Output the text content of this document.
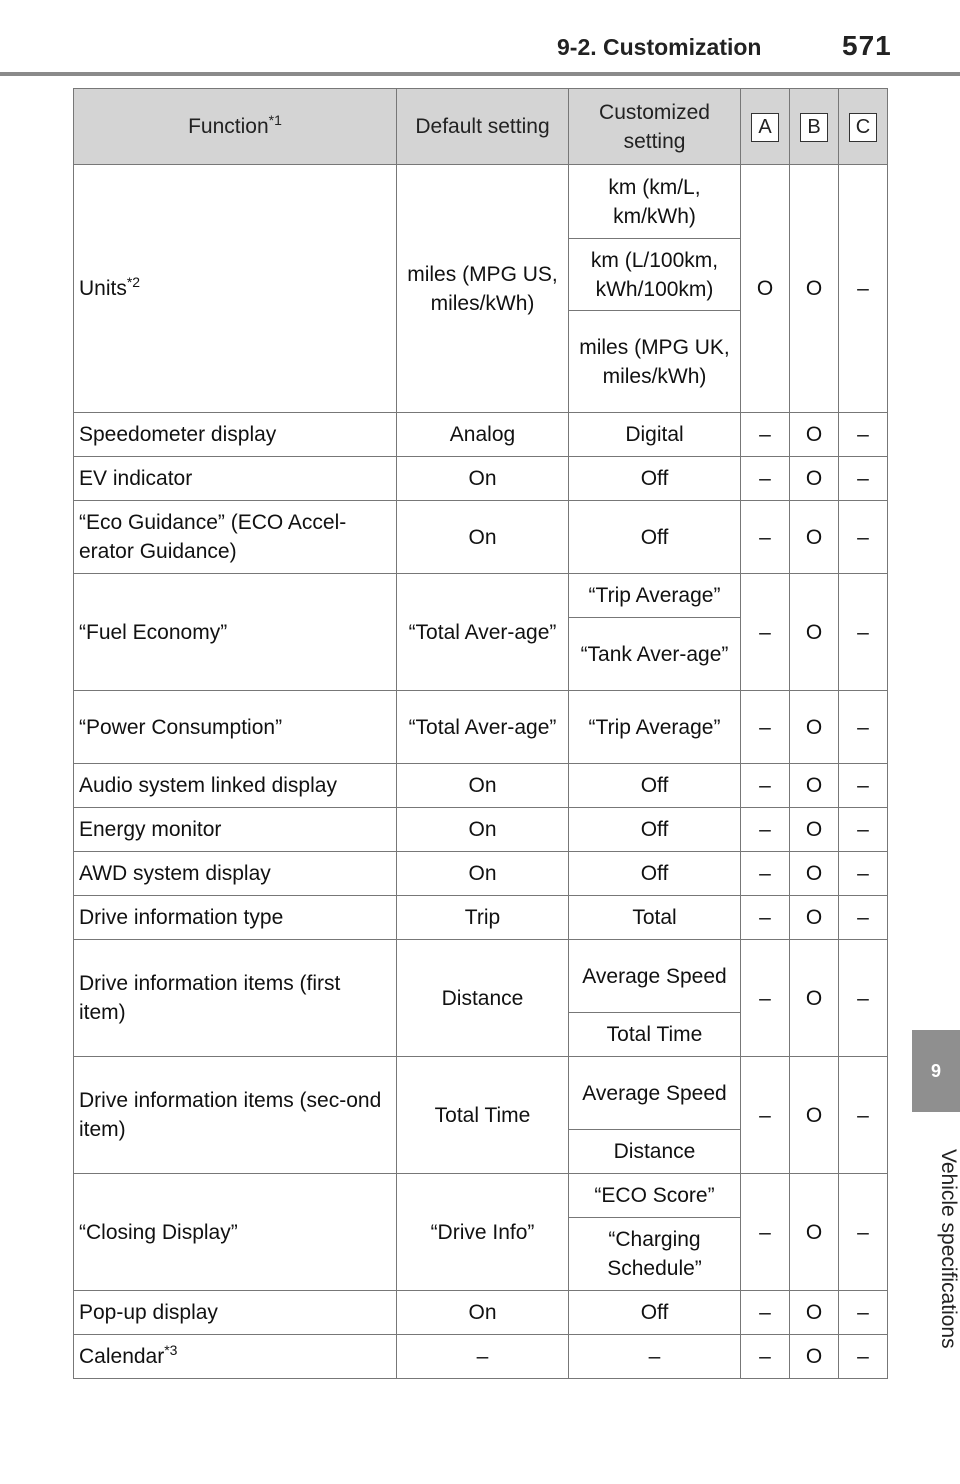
9-2. Customization	571
9
Vehicle specifications
Function$^{*1}$	Default setting	Customized setting	A	B	C
Units$^{*2}$	miles (MPG US, miles/kWh)	km (km/L, km/kWh)	O	O	–
		km (L/100km, kWh/100km)			
		miles (MPG UK, miles/kWh)			
Speedometer display	Analog	Digital	–	O	–
EV indicator	On	Off	–	O	–
“Eco Guidance” (ECO Accel-erator Guidance)	On	Off	–	O	–
“Fuel Economy”	“Total Aver-age”	“Trip Average”	–	O	–
		“Tank Aver-age”			
“Power Consumption”	“Total Aver-age”	“Trip Average”	–	O	–
Audio system linked display	On	Off	–	O	–
Energy monitor	On	Off	–	O	–
AWD system display	On	Off	–	O	–
Drive information type	Trip	Total	–	O	–
Drive information items (first item)	Distance	Average Speed	–	O	–
		Total Time			
Drive information items (sec-ond item)	Total Time	Average Speed	–	O	–
		Distance			
“Closing Display”	“Drive Info”	“ECO Score”	–	O	–
		“Charging Schedule”			
Pop-up display	On	Off	–	O	–
Calendar$^{*3}$	–	–	–	O	–
